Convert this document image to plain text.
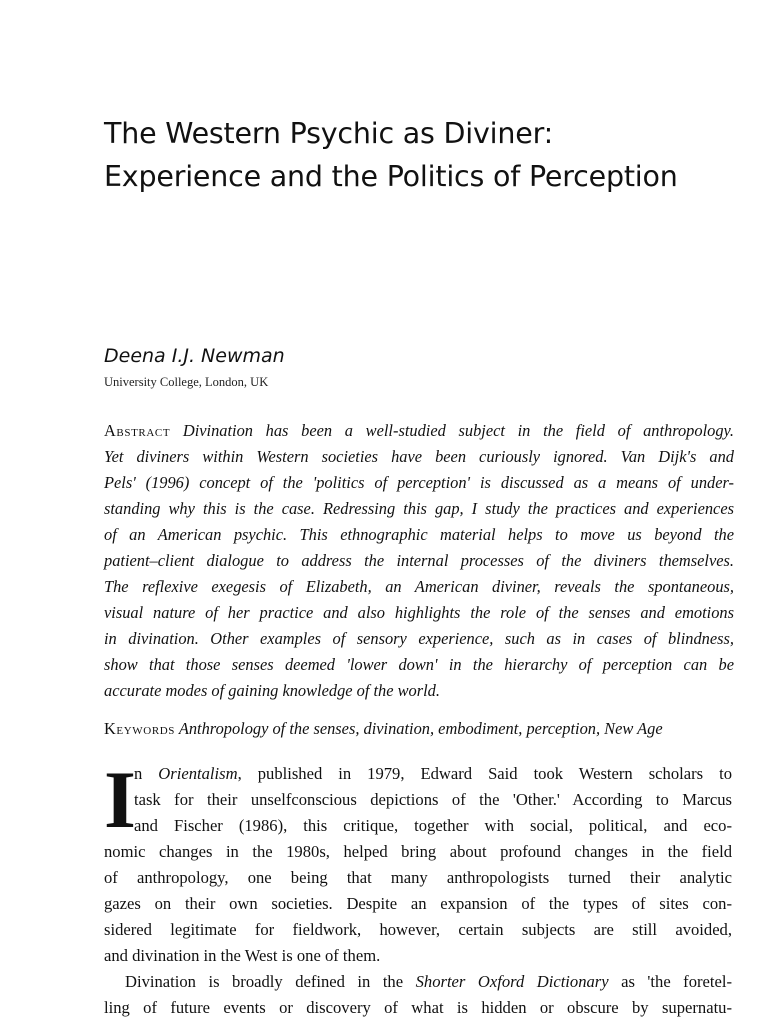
The Western Psychic as Diviner:
Experience and the Politics of Perception
Deena I.J. Newman
University College, London, UK
Abstract Divination has been a well-studied subject in the field of anthropology.
Yet diviners within Western societies have been curiously ignored. Van Dijk's and
Pels' (1996) concept of the 'politics of perception' is discussed as a means of under-
standing why this is the case. Redressing this gap, I study the practices and experiences
of an American psychic. This ethnographic material helps to move us beyond the
patient–client dialogue to address the internal processes of the diviners themselves.
The reflexive exegesis of Elizabeth, an American diviner, reveals the spontaneous,
visual nature of her practice and also highlights the role of the senses and emotions
in divination. Other examples of sensory experience, such as in cases of blindness,
show that those senses deemed 'lower down' in the hierarchy of perception can be
accurate modes of gaining knowledge of the world.
Keywords Anthropology of the senses, divination, embodiment, perception, New Age
I
n Orientalism, published in 1979, Edward Said took Western scholars to
task for their unselfconscious depictions of the 'Other.' According to Marcus
and Fischer (1986), this critique, together with social, political, and eco-
nomic changes in the 1980s, helped bring about profound changes in the field
of anthropology, one being that many anthropologists turned their analytic
gazes on their own societies. Despite an expansion of the types of sites con-
sidered legitimate for fieldwork, however, certain subjects are still avoided,
and divination in the West is one of them.
Divination is broadly defined in the Shorter Oxford Dictionary as 'the foretel-
ling of future events or discovery of what is hidden or obscure by supernatu-
